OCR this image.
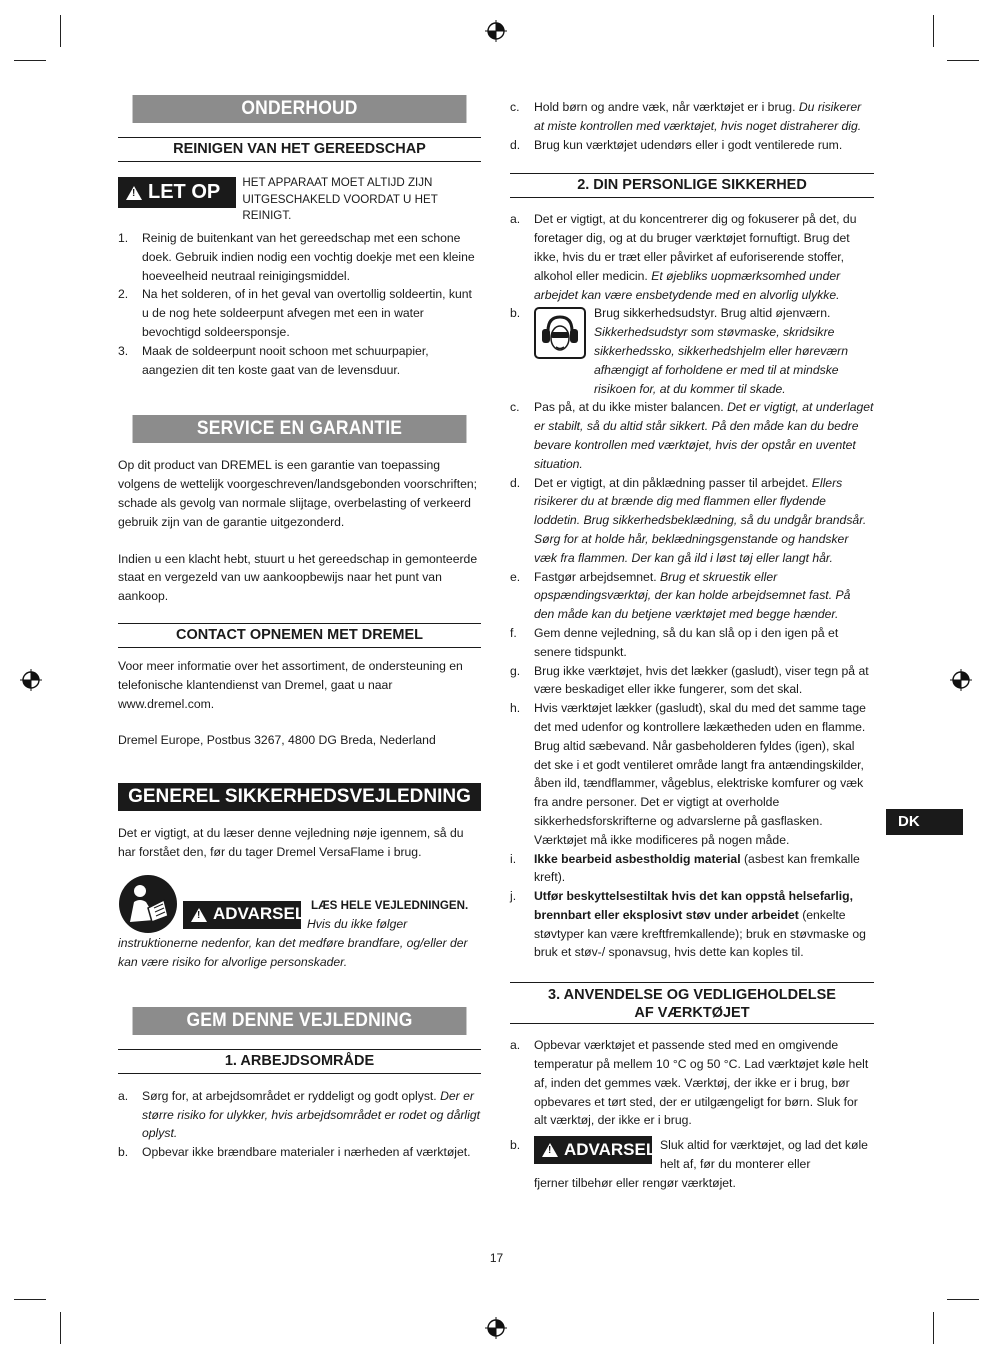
ONDERHOUD
REINIGEN VAN HET GEREEDSCHAP
!
LET OP HET APPARAAT MOET ALTIJD ZIJN UITGESCHAKELD VOORDAT U HET REINIGT.
1. Reinig de buitenkant van het gereedschap met een schone doek. Gebruik indien nodig een vochtig doekje met een kleine hoeveelheid neutraal reinigingsmiddel.
2. Na het solderen, of in het geval van overtollig soldeertin, kunt u de nog hete soldeerpunt afvegen met een in water bevochtigd soldeersponsje.
3. Maak de soldeerpunt nooit schoon met schuurpapier, aangezien dit ten koste gaat van de levensduur.
SERVICE EN GARANTIE
Op dit product van DREMEL is een garantie van toepassing volgens de wettelijk voorgeschreven/landsgebonden voorschriften; schade als gevolg van normale slijtage, overbelasting of verkeerd gebruik zijn van de garantie uitgezonderd.
Indien u een klacht hebt, stuurt u het gereedschap in gemonteerde staat en vergezeld van uw aankoopbewijs naar het punt van aankoop.
CONTACT OPNEMEN MET DREMEL
Voor meer informatie over het assortiment, de ondersteuning en telefonische klantendienst van Dremel, gaat u naar www.dremel.com.
Dremel Europe, Postbus 3267, 4800 DG Breda, Nederland
GENEREL SIKKERHEDSVEJLEDNING
Det er vigtigt, at du læser denne vejledning nøje igennem, så du har forstået den, før du tager Dremel VersaFlame i brug.
!
ADVARSEL LÆS HELE VEJLEDNINGEN.
Hvis du ikke følger
instruktionerne nedenfor, kan det medføre brandfare, og/eller der kan være risiko for alvorlige personskader.
GEM DENNE VEJLEDNING
1. ARBEJDSOMRÅDE
a. Sørg for, at arbejdsområdet er ryddeligt og godt oplyst. Der er større risiko for ulykker, hvis arbejdsområdet er rodet og dårligt oplyst.
b. Opbevar ikke brændbare materialer i nærheden af værktøjet.
c. Hold børn og andre væk, når værktøjet er i brug. Du risikerer at miste kontrollen med værktøjet, hvis noget distraherer dig.
d. Brug kun værktøjet udendørs eller i godt ventilerede rum.
2. DIN PERSONLIGE SIKKERHED
a. Det er vigtigt, at du koncentrerer dig og fokuserer på det, du foretager dig, og at du bruger værktøjet fornuftigt. Brug det ikke, hvis du er træt eller påvirket af euforiserende stoffer, alkohol eller medicin. Et øjebliks uopmærksomhed under arbejdet kan være ensbetydende med en alvorlig ulykke.
b.	Brug sikkerhedsudstyr. Brug altid øjenværn. Sikkerhedsudstyr som støvmaske, skridsikre sikkerhedssko, sikkerhedshjelm eller høreværn afhængigt af forholdene er med til at mindske risikoen for, at du kommer til skade.
c. Pas på, at du ikke mister balancen. Det er vigtigt, at underlaget er stabilt, så du altid står sikkert. På den måde kan du bedre bevare kontrollen med værktøjet, hvis der opstår en uventet situation.
d. Det er vigtigt, at din påklædning passer til arbejdet. Ellers risikerer du at brænde dig med flammen eller flydende loddetin. Brug sikkerhedsbeklædning, så du undgår brandsår. Sørg for at holde hår, beklædningsgenstande og handsker væk fra flammen. Der kan gå ild i løst tøj eller langt hår.
e. Fastgør arbejdsemnet. Brug et skruestik eller opspændingsværktøj, der kan holde arbejdsemnet fast. På den måde kan du betjene værktøjet med begge hænder.
f. Gem denne vejledning, så du kan slå op i den igen på et senere tidspunkt.
g. Brug ikke værktøjet, hvis det lækker (gasludt), viser tegn på at være beskadiget eller ikke fungerer, som det skal.
h. Hvis værktøjet lækker (gasludt), skal du med det samme tage det med udenfor og kontrollere lækætheden uden en flamme. Brug altid sæbevand. Når gasbeholderen fyldes (igen), skal det ske i et godt ventileret område langt fra antændingskilder, åben ild, tændflammer, vågeblus, elektriske komfurer og væk fra andre personer. Det er vigtigt at overholde sikkerhedsforskrifterne og advarslerne på gasflasken. Værktøjet må ikke modificeres på nogen måde.
i. Ikke bearbeid asbestholdig material (asbest kan fremkalle kreft).
j. Utfør beskyttelsestiltak hvis det kan oppstå helsefarlig, brennbart eller eksplosivt støv under arbeidet (enkelte støvtyper kan være kreftfremkallende); bruk en støvmaske og bruk et støv-/ sponavsug, hvis dette kan koples til.
3. ANVENDELSE OG VEDLIGEHOLDELSE
AF VÆRKTØJET
a. Opbevar værktøjet et passende sted med en omgivende temperatur på mellem 10 °C og 50 °C. Lad værktøjet køle helt af, inden det gemmes væk. Værktøj, der ikke er i brug, bør opbevares et tørt sted, der er utilgængeligt for børn. Sluk for alt værktøj, der ikke er i brug.
b.
!	ADVARSEL Sluk altid for værktøjet, og lad det køle helt af, før du monterer eller
fjerner tilbehør eller rengør værktøjet.
DK
17
